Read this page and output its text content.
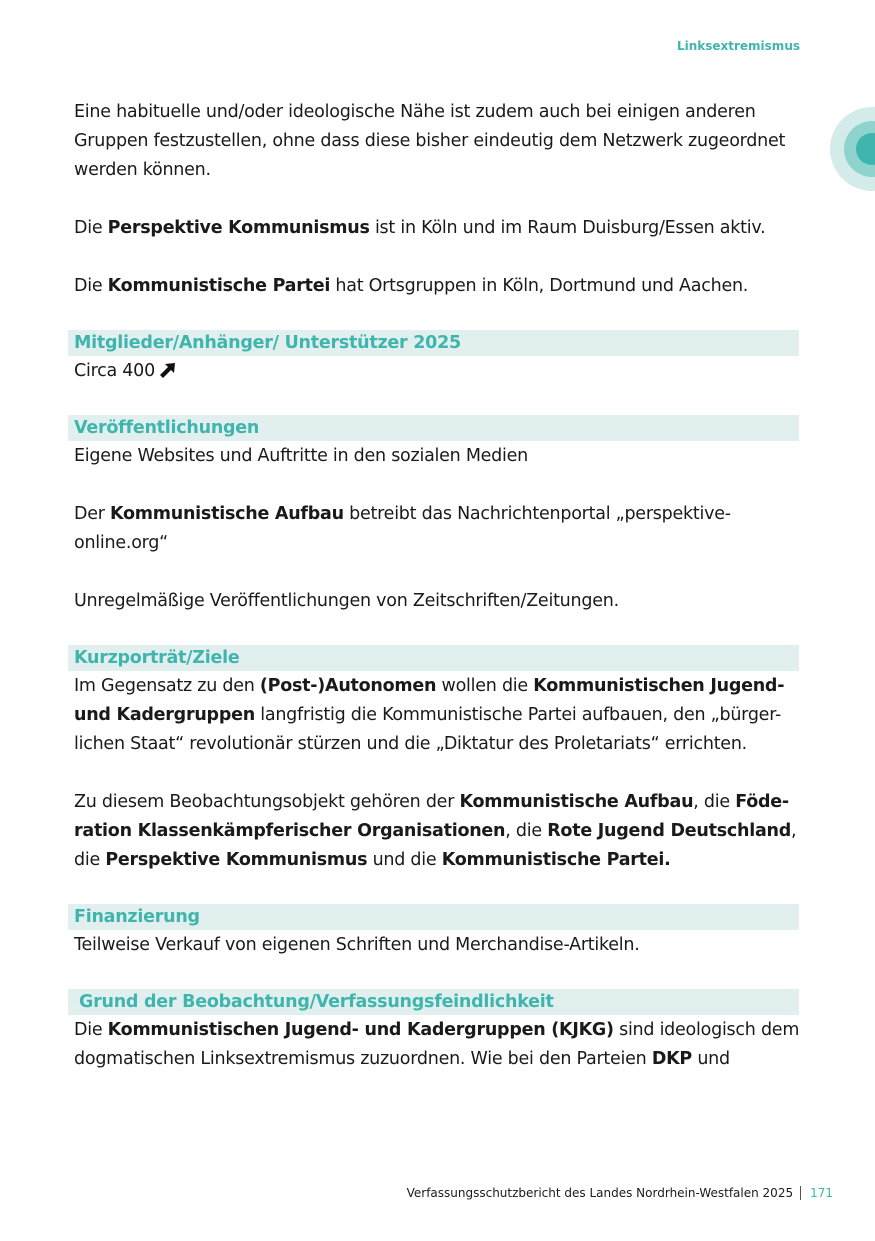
Linksextremismus

Eine habituelle und/oder ideologische Nähe ist zudem auch bei einigen anderen Gruppen festzustellen, ohne dass diese bisher eindeutig dem Netzwerk zugeordnet werden können.

Die Perspektive Kommunismus ist in Köln und im Raum Duisburg/Essen aktiv.

Die Kommunistische Partei hat Ortsgruppen in Köln, Dortmund und Aachen.

Mitglieder/Anhänger/ Unterstützer 2025

Circa 400

Veröffentlichungen

Eigene Websites und Auftritte in den sozialen Medien

Der Kommunistische Aufbau betreibt das Nachrichtenportal „perspektive-
online.org“

Unregelmäßige Veröffentlichungen von Zeitschriften/Zeitungen.

Kurzporträt/Ziele

Im Gegensatz zu den (Post-)Autonomen wollen die Kommunistischen Jugend-
und Kadergruppen langfristig die Kommunistische Partei aufbauen, den „bürger-
lichen Staat“ revolutionär stürzen und die „Diktatur des Proletariats“ errichten.

Zu diesem Beobachtungsobjekt gehören der Kommunistische Aufbau, die Föde-
ration Klassenkämpferischer Organisationen, die Rote Jugend Deutschland,
die Perspektive Kommunismus und die Kommunistische Partei.

Finanzierung

Teilweise Verkauf von eigenen Schriften und Merchandise-Artikeln.

Grund der Beobachtung/Verfassungsfeindlichkeit

Die Kommunistischen Jugend- und Kadergruppen (KJKG) sind ideologisch dem
dogmatischen Linksextremismus zuzuordnen. Wie bei den Parteien DKP und

Verfassungsschutzbericht des Landes Nordrhein-Westfalen 2025 171
